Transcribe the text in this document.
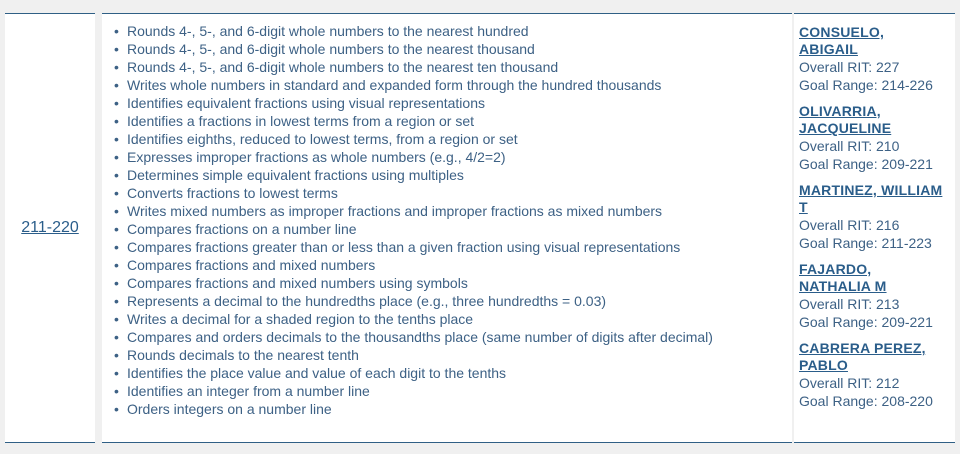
211-220
• Rounds 4-, 5-, and 6-digit whole numbers to the nearest hundred
• Rounds 4-, 5-, and 6-digit whole numbers to the nearest thousand
• Rounds 4-, 5-, and 6-digit whole numbers to the nearest ten thousand
• Writes whole numbers in standard and expanded form through the hundred thousands
• Identifies equivalent fractions using visual representations
• Identifies a fractions in lowest terms from a region or set
• Identifies eighths, reduced to lowest terms, from a region or set
• Expresses improper fractions as whole numbers (e.g., 4/2=2)
• Determines simple equivalent fractions using multiples
• Converts fractions to lowest terms
• Writes mixed numbers as improper fractions and improper fractions as mixed numbers
• Compares fractions on a number line
• Compares fractions greater than or less than a given fraction using visual representations
• Compares fractions and mixed numbers
• Compares fractions and mixed numbers using symbols
• Represents a decimal to the hundredths place (e.g., three hundredths = 0.03)
• Writes a decimal for a shaded region to the tenths place
• Compares and orders decimals to the thousandths place (same number of digits after decimal)
• Rounds decimals to the nearest tenth
• Identifies the place value and value of each digit to the tenths
• Identifies an integer from a number line
• Orders integers on a number line
CONSUELO,
ABIGAIL
Overall RIT: 227
Goal Range: 214-226
OLIVARRIA,
JACQUELINE
Overall RIT: 210
Goal Range: 209-221
MARTINEZ, WILLIAM
T
Overall RIT: 216
Goal Range: 211-223
FAJARDO,
NATHALIA M
Overall RIT: 213
Goal Range: 209-221
CABRERA PEREZ,
PABLO
Overall RIT: 212
Goal Range: 208-220
